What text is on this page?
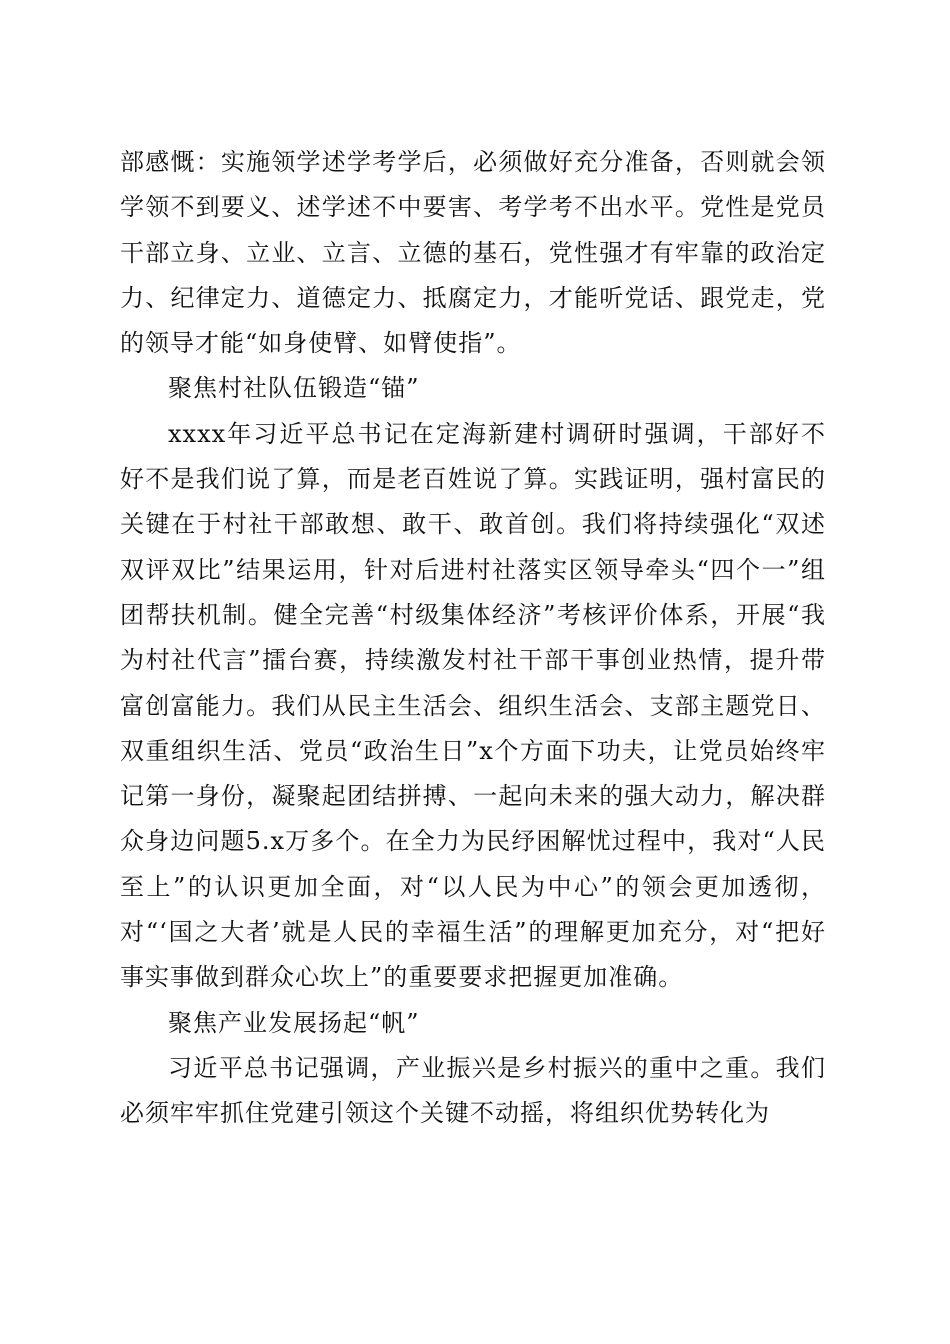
部感慨：实施领学述学考学后，必须做好充分准备，否则就会领学领不到要义、述学述不中要害、考学考不出水平。党性是党员干部立身、立业、立言、立德的基石，党性强才有牢靠的政治定力、纪律定力、道德定力、抵腐定力，才能听党话、跟党走，党的领导才能“如身使臂、如臂使指”。

聚焦村社队伍锻造“锚”

xxxx年习近平总书记在定海新建村调研时强调，干部好不好不是我们说了算，而是老百姓说了算。实践证明，强村富民的关键在于村社干部敢想、敢干、敢首创。我们将持续强化“双述双评双比”结果运用，针对后进村社落实区领导牵头“四个一”组团帮扶机制。健全完善“村级集体经济”考核评价体系，开展“我为村社代言”擂台赛，持续激发村社干部干事创业热情，提升带富创富能力。我们从民主生活会、组织生活会、支部主题党日、双重组织生活、党员“政治生日”x个方面下功夫，让党员始终牢记第一身份，凝聚起团结拼搏、一起向未来的强大动力，解决群众身边问题5.x万多个。在全力为民纾困解忧过程中，我对“人民至上”的认识更加全面，对“以人民为中心”的领会更加透彻，对“‘国之大者’就是人民的幸福生活”的理解更加充分，对“把好事实事做到群众心坎上”的重要要求把握更加准确。

聚焦产业发展扬起“帆”

习近平总书记强调，产业振兴是乡村振兴的重中之重。我们必须牢牢抓住党建引领这个关键不动摇，将组织优势转化为
